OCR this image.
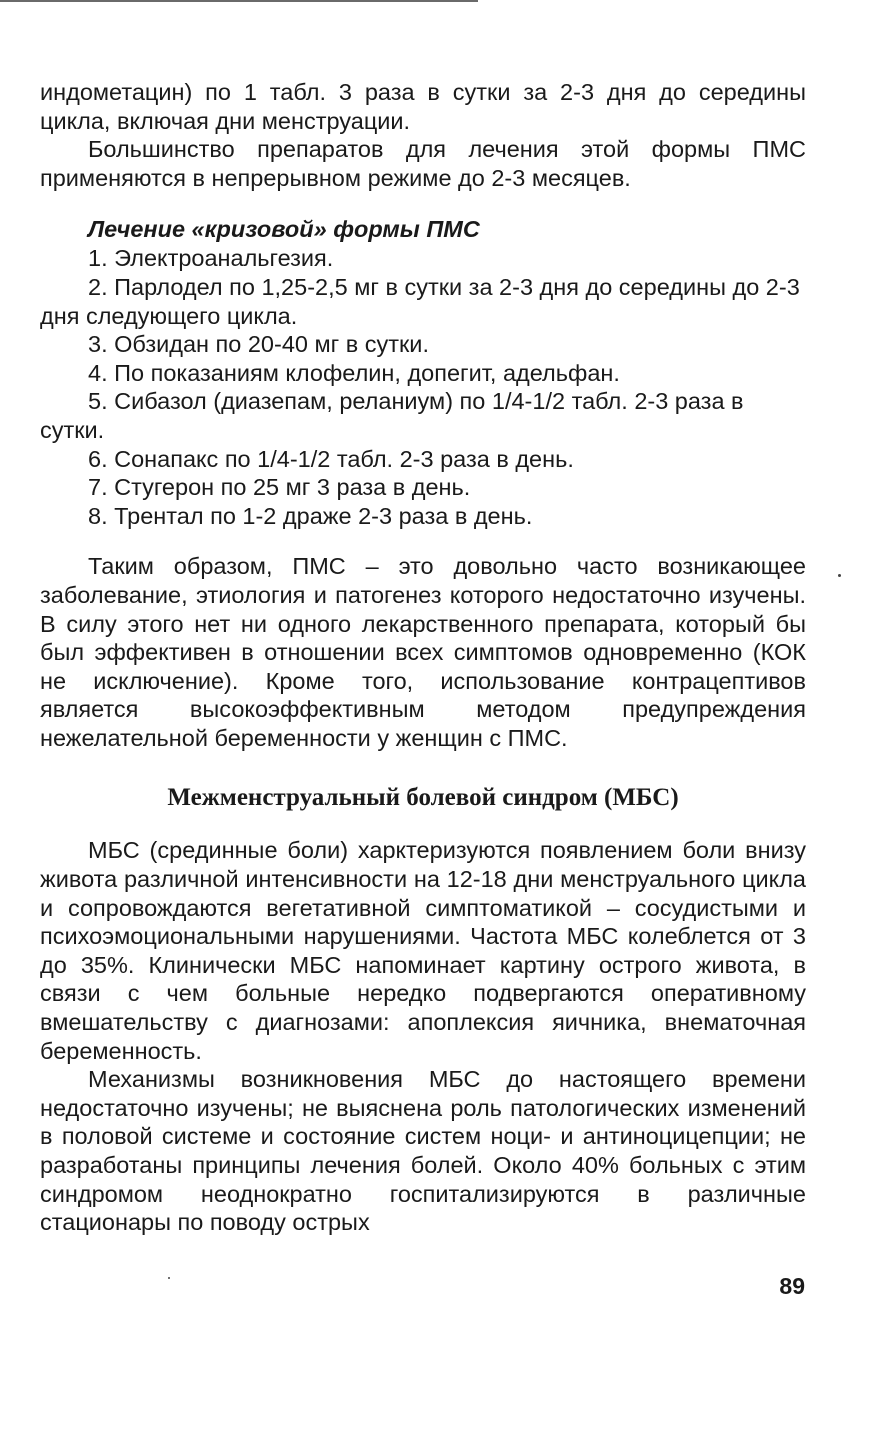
индометацин) по 1 табл. 3 раза в сутки за 2-3 дня до середины цикла, включая дни менструации.

Большинство препаратов для лечения этой формы ПМС применяются в непрерывном режиме до 2-3 месяцев.

Лечение «кризовой» формы ПМС

1. Электроанальгезия.
2. Парлодел по 1,25-2,5 мг в сутки за 2-3 дня до середины до 2-3 дня следующего цикла.
3. Обзидан по 20-40 мг в сутки.
4. По показаниям клофелин, допегит, адельфан.
5. Сибазол (диазепам, реланиум) по 1/4-1/2 табл. 2-3 раза в сутки.
6. Сонапакс по 1/4-1/2 табл. 2-3 раза в день.
7. Стугерон по 25 мг 3 раза в день.
8. Трентал по 1-2 драже 2-3 раза в день.

Таким образом, ПМС – это довольно часто возникающее заболевание, этиология и патогенез которого недостаточно изучены. В силу этого нет ни одного лекарственного препарата, который бы был эффективен в отношении всех симптомов одновременно (КОК не исключение). Кроме того, использование контрацептивов является высокоэффективным методом предупреждения нежелательной беременности у женщин с ПМС.

Межменструальный болевой синдром (МБС)

МБС (срединные боли) харктеризуются появлением боли внизу живота различной интенсивности на 12-18 дни менструального цикла и сопровождаются вегетативной симптоматикой – сосудистыми и психоэмоциональными нарушениями. Частота МБС колеблется от 3 до 35%. Клинически МБС напоминает картину острого живота, в связи с чем больные нередко подвергаются оперативному вмешательству с диагнозами: апоплексия яичника, внематочная беременность.

Механизмы возникновения МБС до настоящего времени недостаточно изучены; не выяснена роль патологических изменений в половой системе и состояние систем ноци- и антиноцицепции; не разработаны принципы лечения болей. Около 40% больных с этим синдромом неоднократно госпитализируются в различные стационары по поводу острых

89
